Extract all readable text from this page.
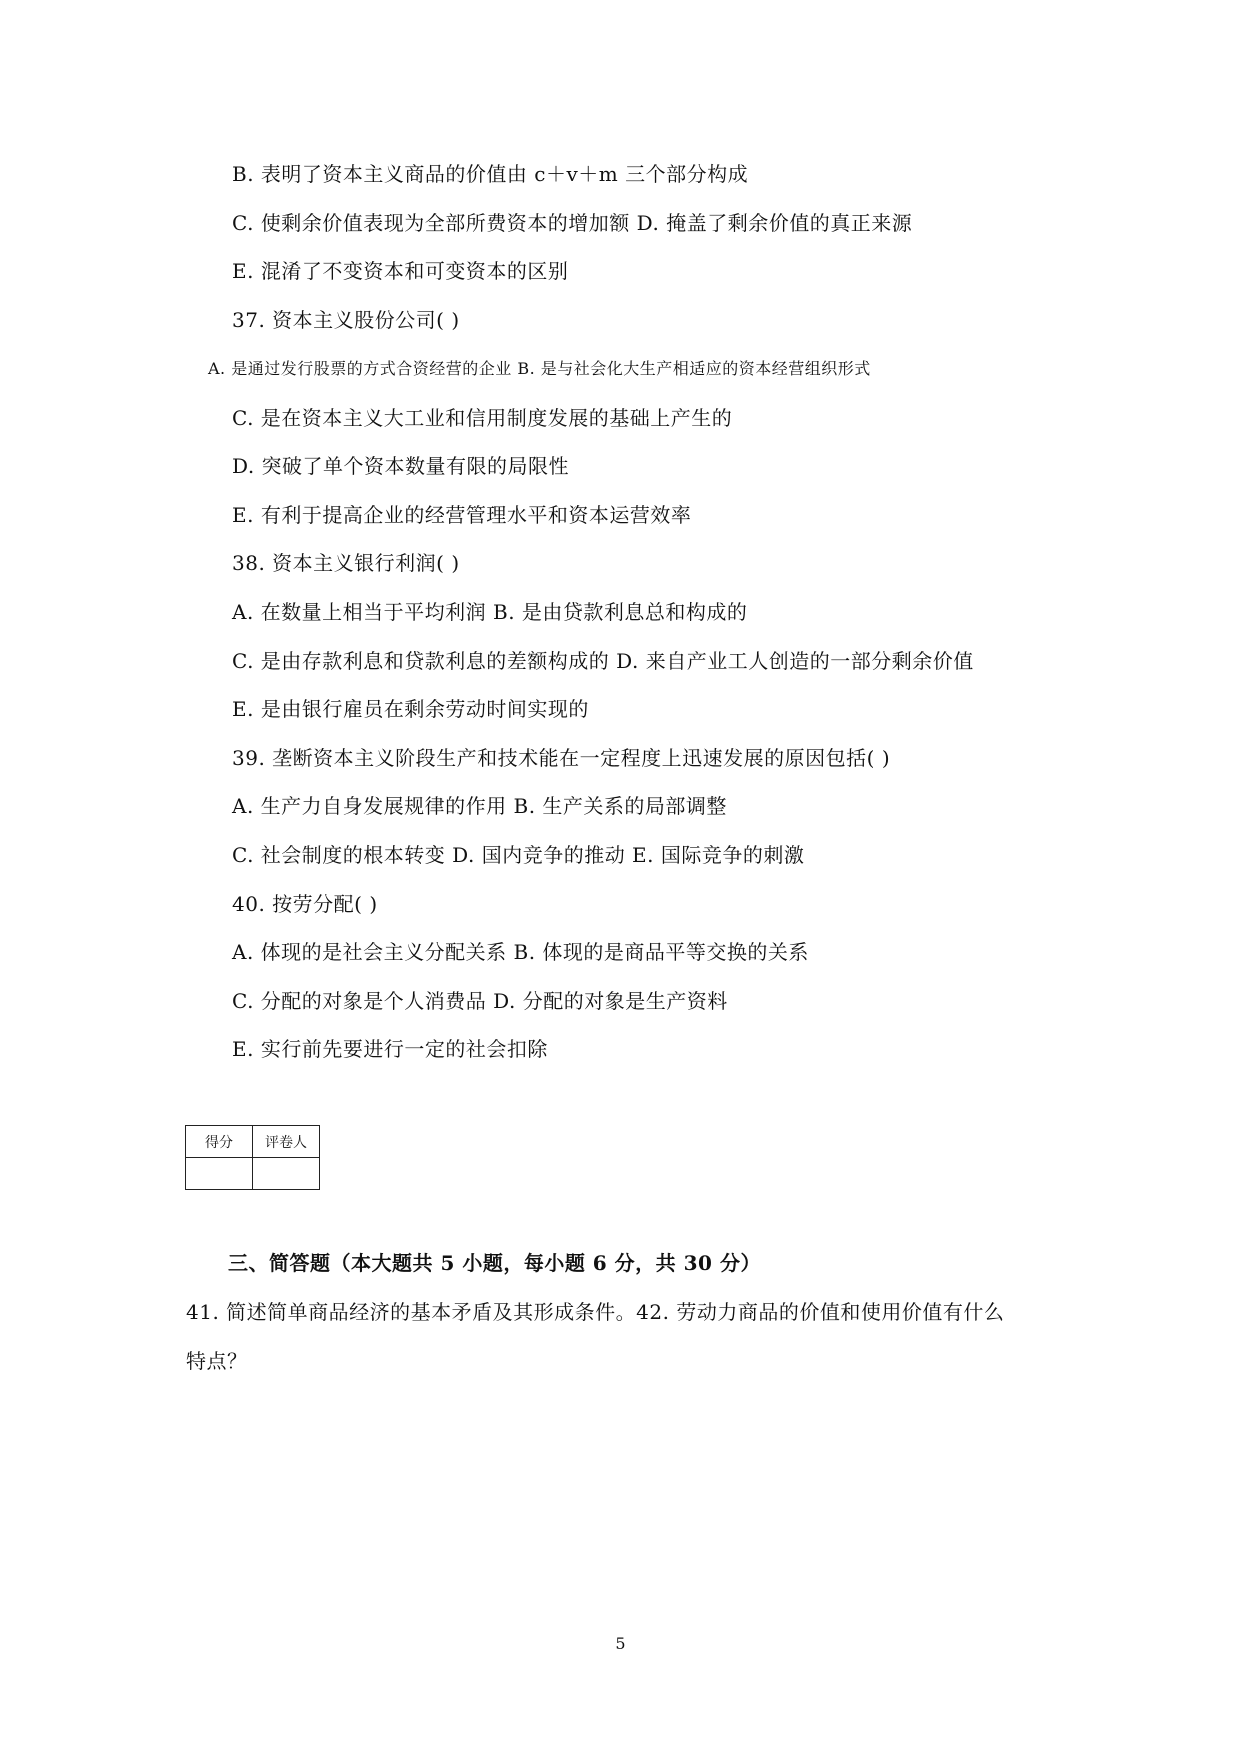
B. 表明了资本主义商品的价值由 c＋v＋m 三个部分构成
C. 使剩余价值表现为全部所费资本的增加额 D. 掩盖了剩余价值的真正来源
E. 混淆了不变资本和可变资本的区别
37. 资本主义股份公司( )
A. 是通过发行股票的方式合资经营的企业 B. 是与社会化大生产相适应的资本经营组织形式
C. 是在资本主义大工业和信用制度发展的基础上产生的
D. 突破了单个资本数量有限的局限性
E. 有利于提高企业的经营管理水平和资本运营效率
38. 资本主义银行利润( )
A. 在数量上相当于平均利润 B. 是由贷款利息总和构成的
C. 是由存款利息和贷款利息的差额构成的 D. 来自产业工人创造的一部分剩余价值
E. 是由银行雇员在剩余劳动时间实现的
39. 垄断资本主义阶段生产和技术能在一定程度上迅速发展的原因包括( )
A. 生产力自身发展规律的作用 B. 生产关系的局部调整
C. 社会制度的根本转变 D. 国内竞争的推动 E. 国际竞争的刺激
40. 按劳分配( )
A. 体现的是社会主义分配关系 B. 体现的是商品平等交换的关系
C. 分配的对象是个人消费品 D. 分配的对象是生产资料
E. 实行前先要进行一定的社会扣除
得分	评卷人

三、简答题（本大题共 5 小题，每小题 6 分，共 30 分）
41. 简述简单商品经济的基本矛盾及其形成条件。42. 劳动力商品的价值和使用价值有什么
特点？
5
